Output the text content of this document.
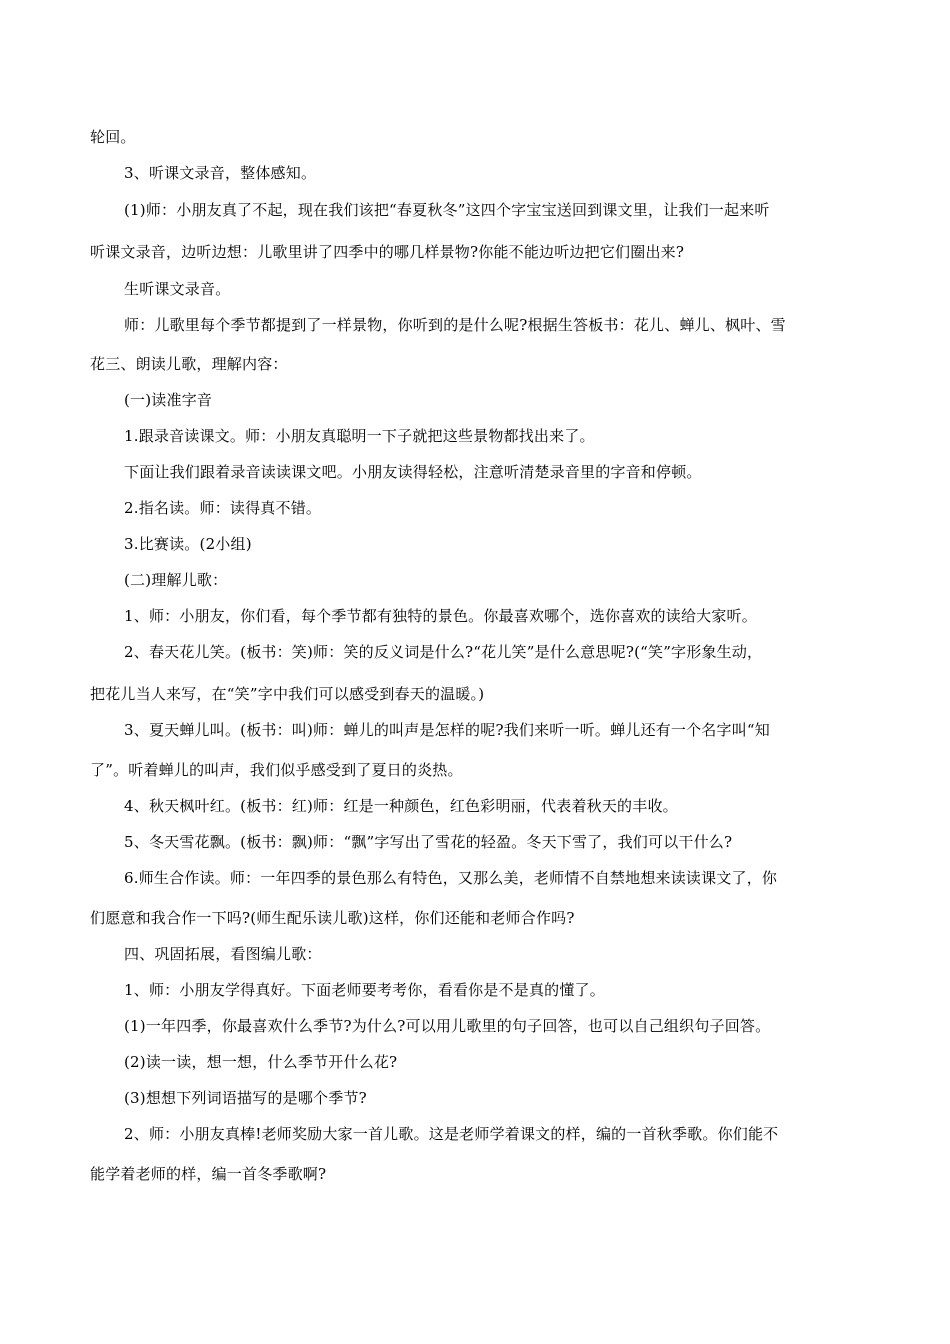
轮回。
3、听课文录音，整体感知。
(1)师：小朋友真了不起，现在我们该把“春夏秋冬”这四个字宝宝送回到课文里，让我们一起来听
听课文录音，边听边想：儿歌里讲了四季中的哪几样景物?你能不能边听边把它们圈出来?
生听课文录音。
师：儿歌里每个季节都提到了一样景物，你听到的是什么呢?根据生答板书：花儿、蝉儿、枫叶、雪
花三、朗读儿歌，理解内容：
(一)读准字音
1.跟录音读课文。师：小朋友真聪明一下子就把这些景物都找出来了。
下面让我们跟着录音读读课文吧。小朋友读得轻松，注意听清楚录音里的字音和停顿。
2.指名读。师：读得真不错。
3.比赛读。(2小组)
(二)理解儿歌：
1、师：小朋友，你们看，每个季节都有独特的景色。你最喜欢哪个，选你喜欢的读给大家听。
2、春天花儿笑。(板书：笑)师：笑的反义词是什么?“花儿笑”是什么意思呢?(“笑”字形象生动，
把花儿当人来写，在“笑”字中我们可以感受到春天的温暖。)
3、夏天蝉儿叫。(板书：叫)师：蝉儿的叫声是怎样的呢?我们来听一听。蝉儿还有一个名字叫“知
了”。听着蝉儿的叫声，我们似乎感受到了夏日的炎热。
4、秋天枫叶红。(板书：红)师：红是一种颜色，红色彩明丽，代表着秋天的丰收。
5、冬天雪花飘。(板书：飘)师：“飘”字写出了雪花的轻盈。冬天下雪了，我们可以干什么?
6.师生合作读。师：一年四季的景色那么有特色，又那么美，老师情不自禁地想来读读课文了，你
们愿意和我合作一下吗?(师生配乐读儿歌)这样，你们还能和老师合作吗?
四、巩固拓展，看图编儿歌：
1、师：小朋友学得真好。下面老师要考考你，看看你是不是真的懂了。
(1)一年四季，你最喜欢什么季节?为什么?可以用儿歌里的句子回答，也可以自己组织句子回答。
(2)读一读，想一想，什么季节开什么花?
(3)想想下列词语描写的是哪个季节?
2、师：小朋友真棒!老师奖励大家一首儿歌。这是老师学着课文的样，编的一首秋季歌。你们能不
能学着老师的样，编一首冬季歌啊?
